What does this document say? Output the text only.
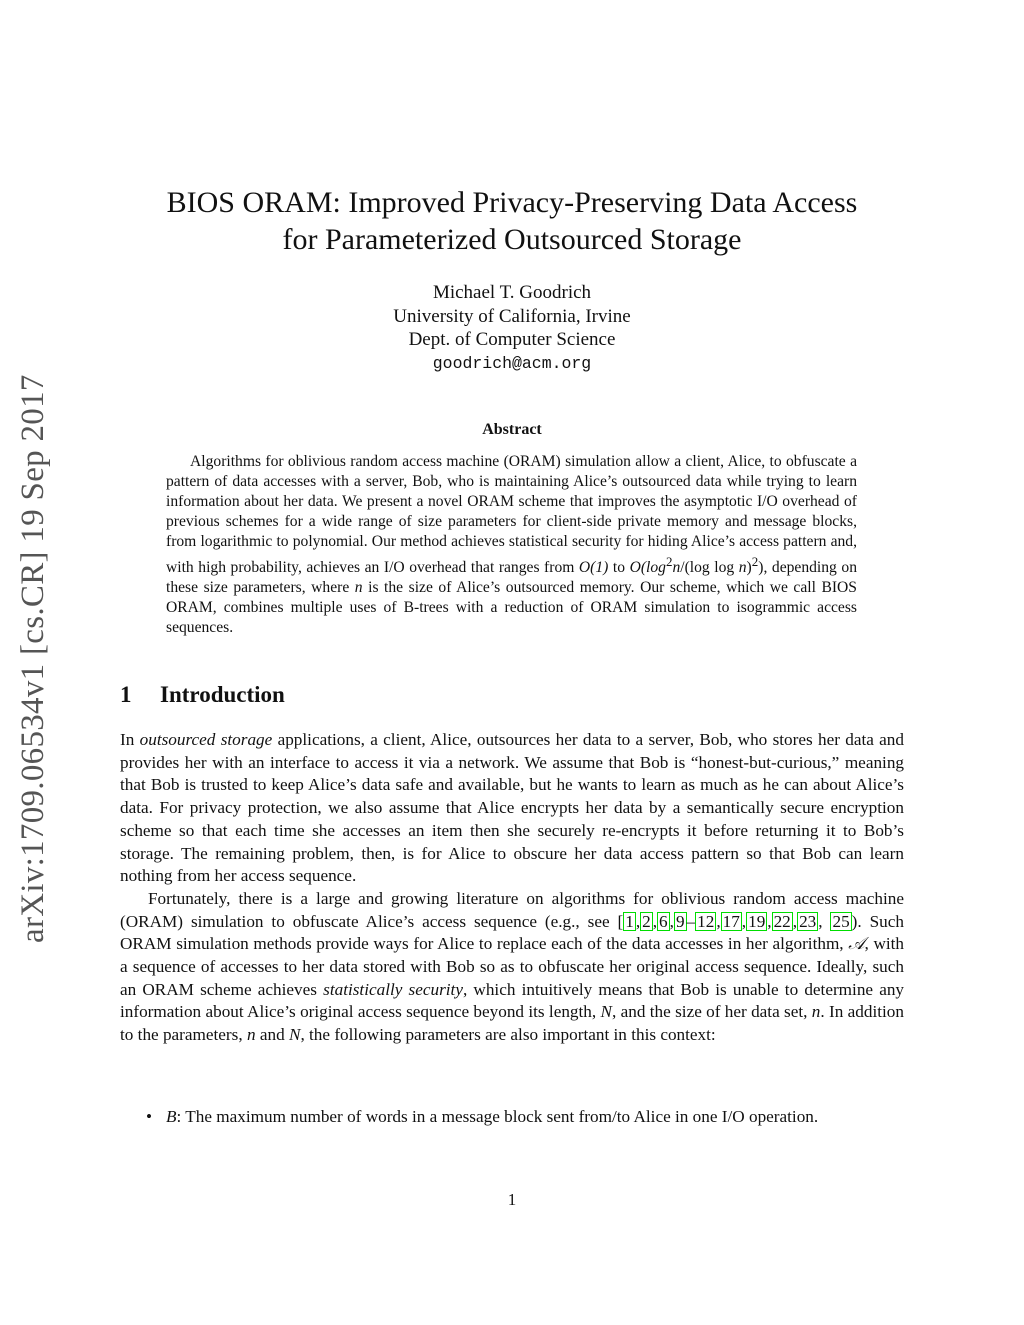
arXiv:1709.06534v1 [cs.CR] 19 Sep 2017
BIOS ORAM: Improved Privacy-Preserving Data Access
for Parameterized Outsourced Storage
Michael T. Goodrich
University of California, Irvine
Dept. of Computer Science
goodrich@acm.org
Abstract

Algorithms for oblivious random access machine (ORAM) simulation allow a client, Alice, to obfuscate a pattern of data accesses with a server, Bob, who is maintaining Alice’s outsourced data while trying to learn information about her data. We present a novel ORAM scheme that improves the asymptotic I/O overhead of previous schemes for a wide range of size parameters for client-side private memory and message blocks, from logarithmic to polynomial. Our method achieves statistical security for hiding Alice’s access pattern and, with high probability, achieves an I/O overhead that ranges from O(1) to $O(\log^2n/(\log$ log n)$^2$), depending on these size parameters, where n is the size of Alice’s outsourced memory. Our scheme, which we call BIOS ORAM, combines multiple uses of B-trees with a reduction of ORAM simulation to isogrammic access sequences.

1 Introduction

In outsourced storage applications, a client, Alice, outsources her data to a server, Bob, who stores her data and provides her with an interface to access it via a network. We assume that Bob is “honest-but-curious,” meaning that Bob is trusted to keep Alice’s data safe and available, but he wants to learn as much as he can about Alice’s data. For privacy protection, we also assume that Alice encrypts her data by a semantically secure encryption scheme so that each time she accesses an item then she securely re-encrypts it before returning it to Bob’s storage. The remaining problem, then, is for Alice to obscure her data access pattern so that Bob can learn nothing from her access sequence.

Fortunately, there is a large and growing literature on algorithms for oblivious random access machine (ORAM) simulation to obfuscate Alice’s access sequence (e.g., see [ 1 , 2 , 6 , 9 – 12 , 17 , 19 , 22 , 23 , 25 ). Such ORAM simulation methods provide ways for Alice to replace each of the data accesses in her algorithm, 𝒜, with a sequence of accesses to her data stored with Bob so as to obfuscate her original access sequence. Ideally, such an ORAM scheme achieves statistically security, which intuitively means that Bob is unable to determine any information about Alice’s original access sequence beyond its length, N, and the size of her data set, n. In addition to the parameters, n and N, the following parameters are also important in this context:

• B: The maximum number of words in a message block sent from/to Alice in one I/O operation.
1
